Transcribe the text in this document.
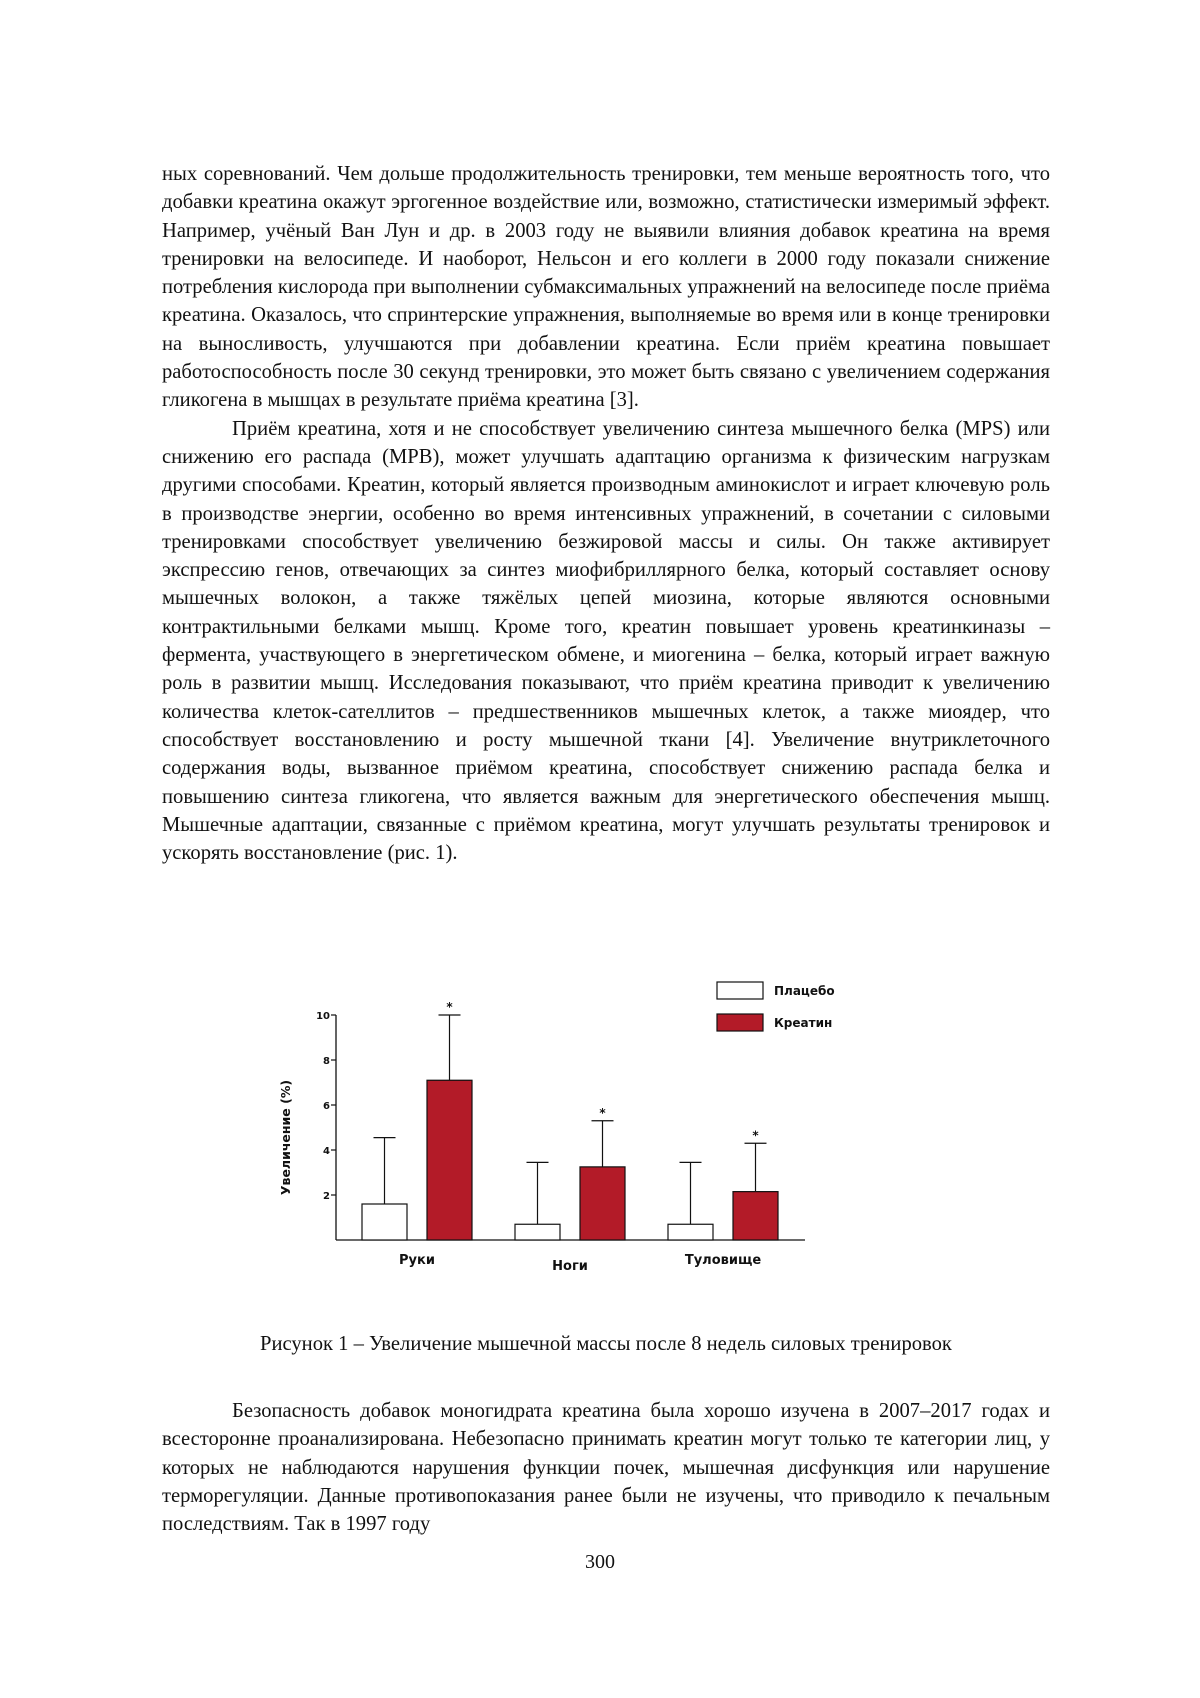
ных соревнований. Чем дольше продолжительность тренировки, тем меньше вероятность того, что добавки креатина окажут эргогенное воздействие или, возможно, статистически измеримый эффект. Например, учёный Ван Лун и др. в 2003 году не выявили влияния добавок креатина на время тренировки на велосипеде. И наоборот, Нельсон и его коллеги в 2000 году показали снижение потребления кислорода при выполнении субмаксимальных упражнений на велосипеде после приёма креатина. Оказалось, что спринтерские упражнения, выполняемые во время или в конце тренировки на выносливость, улучшаются при добавлении креатина. Если приём креатина повышает работоспособность после 30 секунд тренировки, это может быть связано с увеличением содержания гликогена в мышцах в результате приёма креатина [3].

Приём креатина, хотя и не способствует увеличению синтеза мышечного белка (MPS) или снижению его распада (MPB), может улучшать адаптацию организма к физическим нагрузкам другими способами. Креатин, который является производным аминокислот и играет ключевую роль в производстве энергии, особенно во время интенсивных упражнений, в сочетании с силовыми тренировками способствует увеличению безжировой массы и силы. Он также активирует экспрессию генов, отвечающих за синтез миофибриллярного белка, который составляет основу мышечных волокон, а также тяжёлых цепей миозина, которые являются основными контрактильными белками мышц. Кроме того, креатин повышает уровень креатинкиназы – фермента, участвующего в энергетическом обмене, и миогенина – белка, который играет важную роль в развитии мышц. Исследования показывают, что приём креатина приводит к увеличению количества клеток-сателлитов – предшественников мышечных клеток, а также миоядер, что способствует восстановлению и росту мышечной ткани [4]. Увеличение внутриклеточного содержания воды, вызванное приёмом креатина, способствует снижению распада белка и повышению синтеза гликогена, что является важным для энергетического обеспечения мышц. Мышечные адаптации, связанные с приёмом креатина, могут улучшать результаты тренировок и ускорять восстановление (рис. 1).

2
4
6
8
10
Увеличение (%)
*
Руки
*
Ноги
*
Туловище
Плацебо
Креатин
Рисунок 1 – Увеличение мышечной массы после 8 недель силовых тренировок

Безопасность добавок моногидрата креатина была хорошо изучена в 2007–2017 годах и всесторонне проанализирована. Небезопасно принимать креатин могут только те категории лиц, у которых не наблюдаются нарушения функции почек, мышечная дисфункция или нарушение терморегуляции. Данные противопоказания ранее были не изучены, что приводило к печальным последствиям. Так в 1997 году

300
